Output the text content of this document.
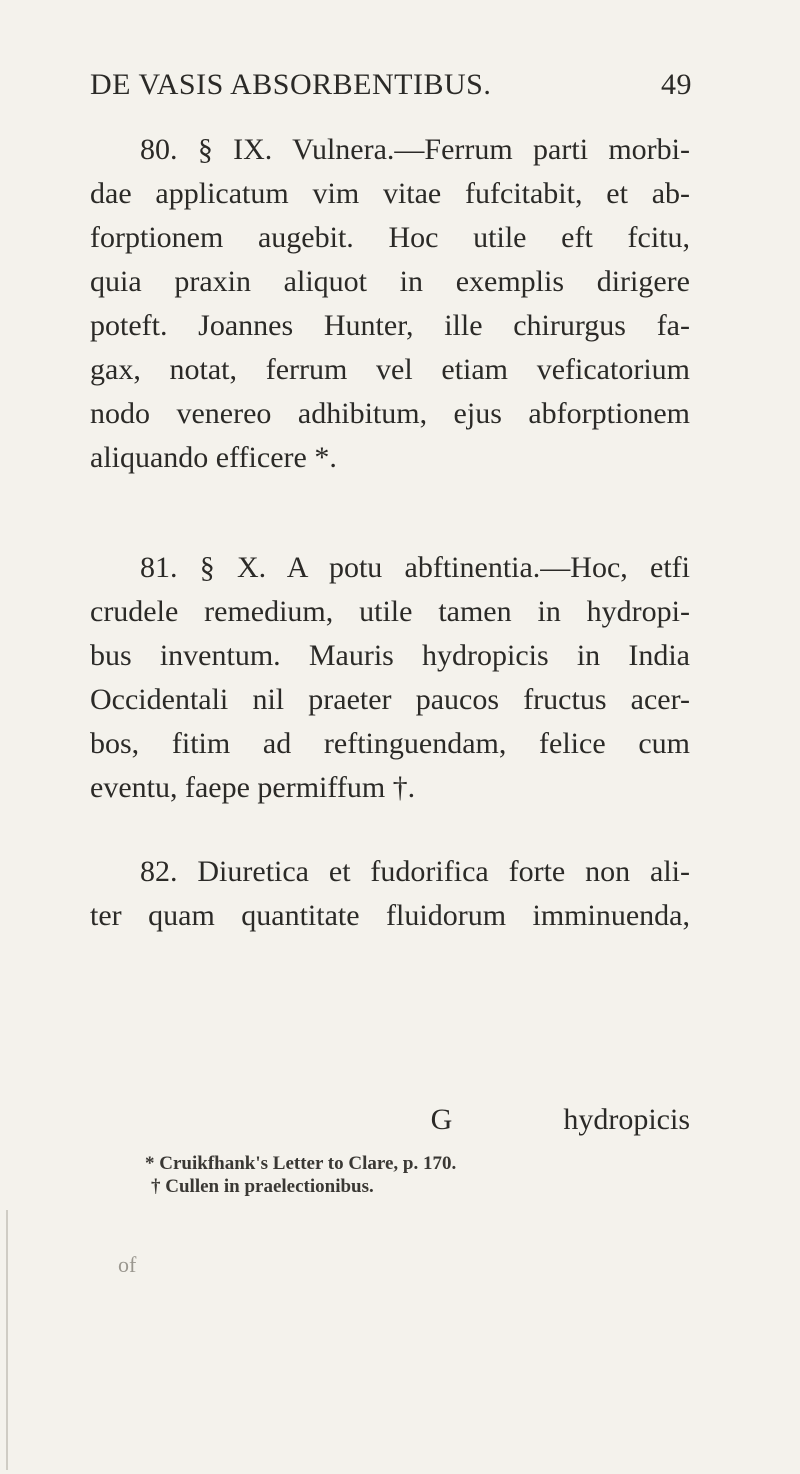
DE VASIS ABSORBENTIBUS.	49
80. § IX. Vulnera.—Ferrum parti morbi-
dae applicatum vim vitae fufcitabit, et ab-
forptionem augebit. Hoc utile eft fcitu,
quia praxin aliquot in exemplis dirigere
poteft. Joannes Hunter, ille chirurgus fa-
gax, notat, ferrum vel etiam veficatorium
nodo venereo adhibitum, ejus abforptionem
aliquando efficere *.
81. § X. A potu abftinentia.—Hoc, etfi
crudele remedium, utile tamen in hydropi-
bus inventum. Mauris hydropicis in India
Occidentali nil praeter paucos fructus acer-
bos, fitim ad reftinguendam, felice cum
eventu, faepe permiffum †.
82. Diuretica et fudorifica forte non ali-
ter quam quantitate fluidorum imminuenda,
G	hydropicis
* Cruikfhank's Letter to Clare, p. 170.
† Cullen in praelectionibus.
of
